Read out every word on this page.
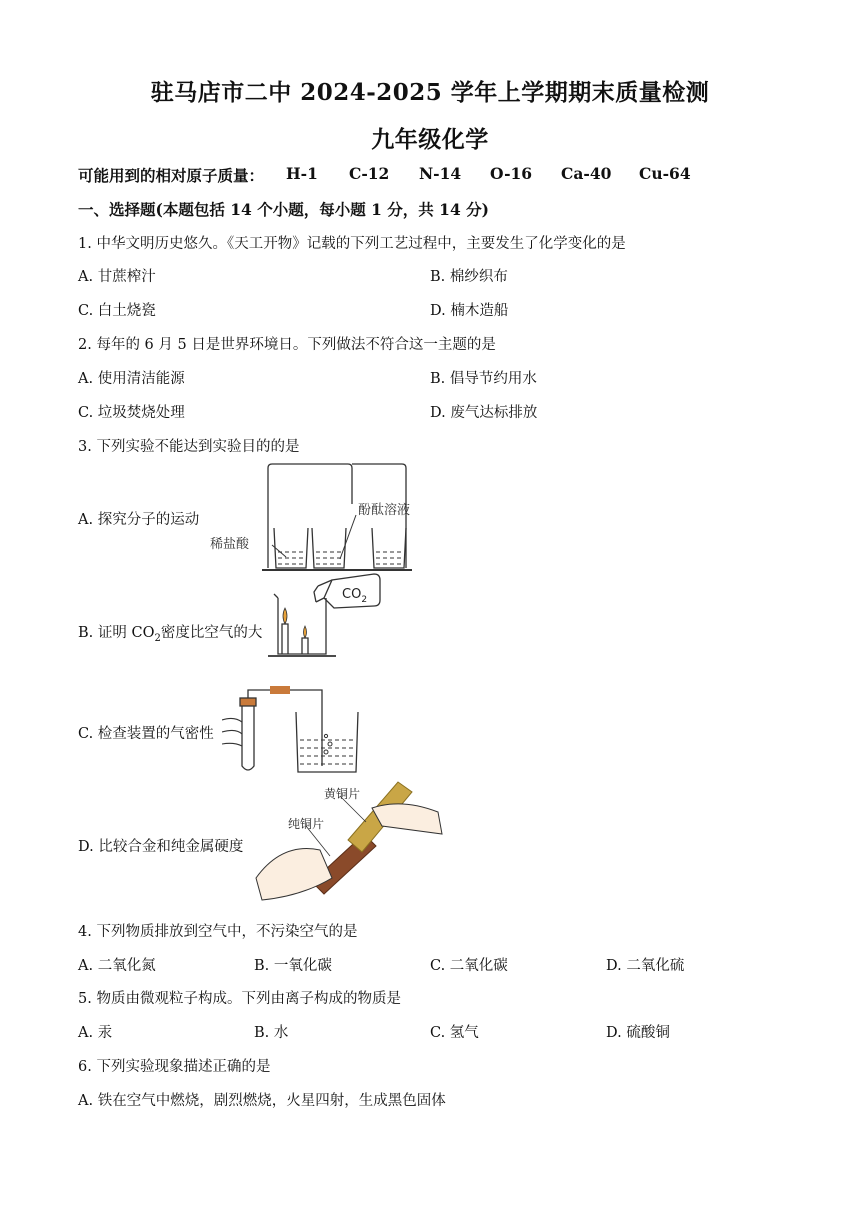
驻马店市二中 2024-2025 学年上学期期末质量检测
九年级化学
可能用到的相对原子质量： H-1 C-12 N-14 O-16 Ca-40 Cu-64
一、选择题(本题包括 14 个小题，每小题 1 分，共 14 分)
1. 中华文明历史悠久。《天工开物》记载的下列工艺过程中，主要发生了化学变化的是
A. 甘蔗榨汁	B. 棉纱织布
C. 白土烧瓷	D. 楠木造船
2. 每年的 6 月 5 日是世界环境日。下列做法不符合这一主题的是
A. 使用清洁能源	B. 倡导节约用水
C. 垃圾焚烧处理	D. 废气达标排放
3. 下列实验不能达到实验目的的是
A. 探究分子的运动
稀盐酸
酚酞溶液
B. 证明 $CO_2$密度比空气的大
$CO_2$
C. 检查装置的气密性
D. 比较合金和纯金属硬度
黄铜片
纯铜片
4. 下列物质排放到空气中，不污染空气的是
A. 二氧化氮	B. 一氧化碳	C. 二氧化碳	D. 二氧化硫
5. 物质由微观粒子构成。下列由离子构成的物质是
A. 汞	B. 水	C. 氢气	D. 硫酸铜
6. 下列实验现象描述正确的是
A. 铁在空气中燃烧，剧烈燃烧，火星四射，生成黑色固体
